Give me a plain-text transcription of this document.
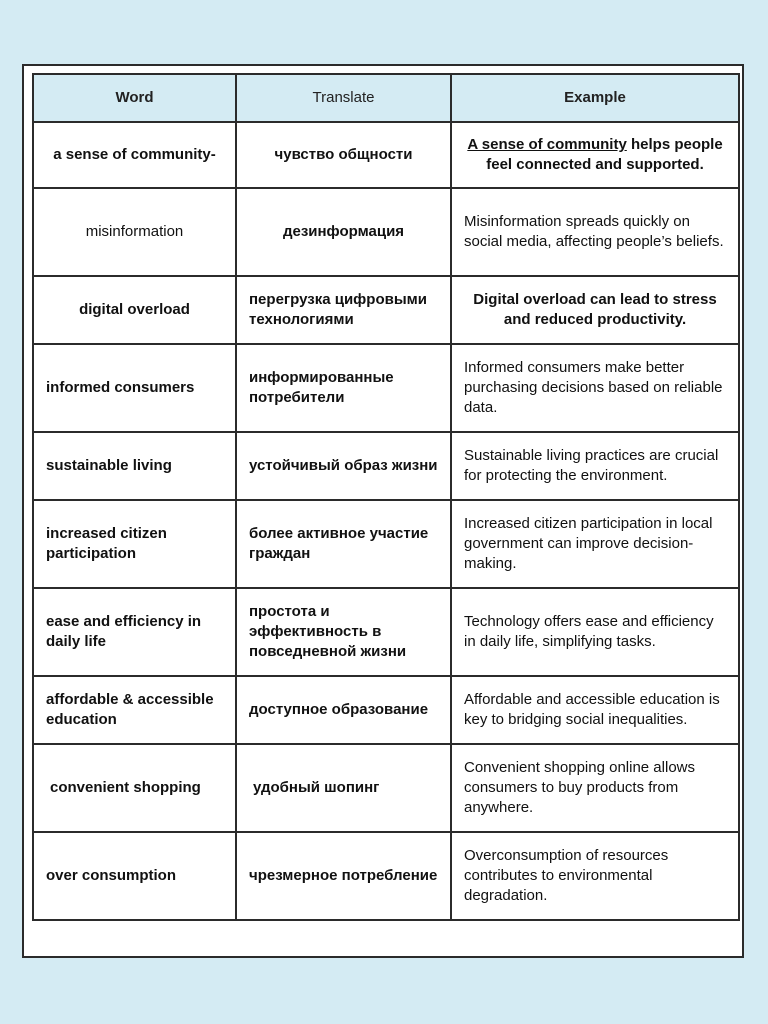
Word	Translate	Example
a sense of community-	чувство общности	A sense of community helps people feel connected and supported.
misinformation	дезинформация	Misinformation spreads quickly on social media, affecting people’s beliefs.
digital overload	перегрузка цифровыми технологиями	Digital overload can lead to stress and reduced productivity.
informed consumers	информированные потребители	Informed consumers make better purchasing decisions based on reliable data.
sustainable living	устойчивый образ жизни	Sustainable living practices are crucial for protecting the environment.
increased citizen participation	более активное участие граждан	Increased citizen participation in local government can improve decision-making.
ease and efficiency in daily life	простота и эффективность в повседневной жизни	Technology offers ease and efficiency in daily life, simplifying tasks.
affordable & accessible education	доступное образование	Affordable and accessible education is key to bridging social inequalities.
convenient shopping	удобный шопинг	Convenient shopping online allows consumers to buy products from anywhere.
over consumption	чрезмерное потребление	Overconsumption of resources contributes to environmental degradation.
